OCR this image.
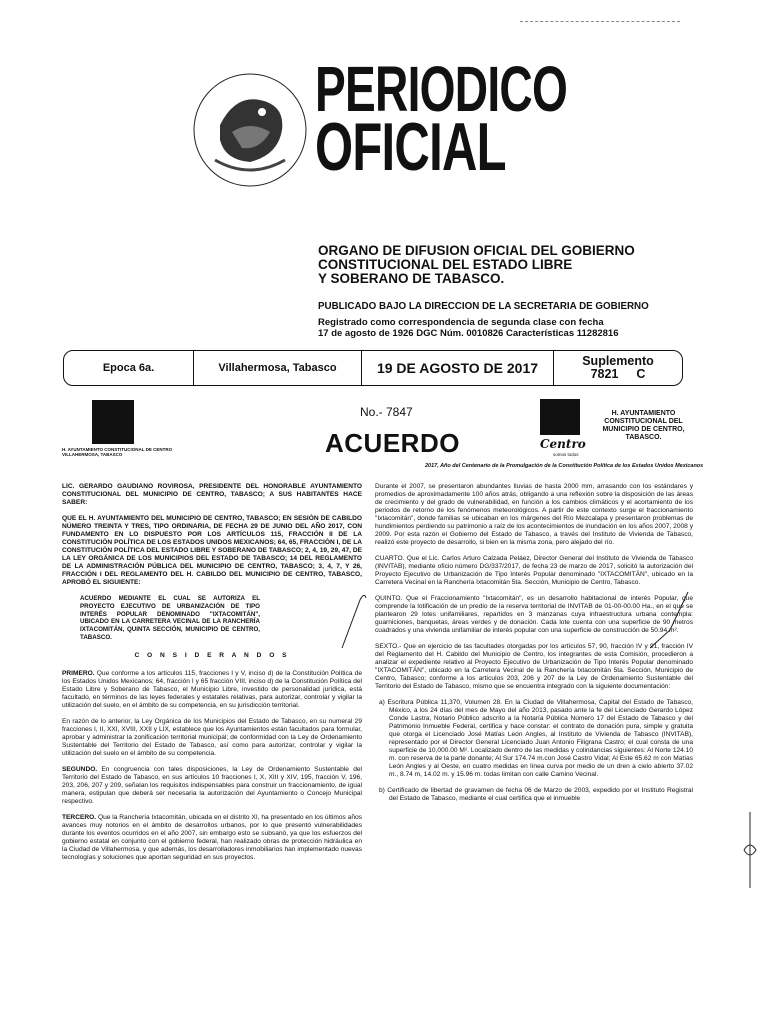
PERIODICO
OFICIAL
ORGANO DE DIFUSION OFICIAL DEL GOBIERNO
CONSTITUCIONAL DEL ESTADO LIBRE
Y SOBERANO DE TABASCO.
PUBLICADO BAJO LA DIRECCION DE LA SECRETARIA DE GOBIERNO
Registrado como correspondencia de segunda clase con fecha
17 de agosto de 1926 DGC Núm. 0010826 Características 11282816
Epoca 6a.	Villahermosa, Tabasco	19 DE AGOSTO DE 2017	Suplemento
7821 C
H. AYUNTAMIENTO CONSTITUCIONAL DE CENTRO VILLAHERMOSA, TABASCO
No.- 7847
ACUERDO	Centro
somos todos
H. AYUNTAMIENTO CONSTITUCIONAL DEL MUNICIPIO DE CENTRO, TABASCO.
2017, Año del Centenario de la Promulgación de la Constitución Política de los Estados Unidos Mexicanos

LIC. GERARDO GAUDIANO ROVIROSA, PRESIDENTE DEL HONORABLE AYUNTAMIENTO CONSTITUCIONAL DEL MUNICIPIO DE CENTRO, TABASCO; A SUS HABITANTES HACE SABER:

QUE EL H. AYUNTAMIENTO DEL MUNICIPIO DE CENTRO, TABASCO; EN SESIÓN DE CABILDO NÚMERO TREINTA Y TRES, TIPO ORDINARIA, DE FECHA 29 DE JUNIO DEL AÑO 2017, CON FUNDAMENTO EN LO DISPUESTO POR LOS ARTÍCULOS 115, FRACCIÓN II DE LA CONSTITUCIÓN POLÍTICA DE LOS ESTADOS UNIDOS MEXICANOS; 64, 65, FRACCIÓN I, DE LA CONSTITUCIÓN POLÍTICA DEL ESTADO LIBRE Y SOBERANO DE TABASCO; 2, 4, 19, 29, 47, DE LA LEY ORGÁNICA DE LOS MUNICIPIOS DEL ESTADO DE TABASCO; 14 DEL REGLAMENTO DE LA ADMINISTRACIÓN PÚBLICA DEL MUNICIPIO DE CENTRO, TABASCO; 3, 4, 7, Y 26, FRACCIÓN I DEL REGLAMENTO DEL H. CABILDO DEL MUNICIPIO DE CENTRO, TABASCO, APROBÓ EL SIGUIENTE:

ACUERDO MEDIANTE EL CUAL SE AUTORIZA EL PROYECTO EJECUTIVO DE URBANIZACIÓN DE TIPO INTERÉS POPULAR DENOMINADO "IXTACOMITÁN", UBICADO EN LA CARRETERA VECINAL DE LA RANCHERÍA IXTACOMITÁN, QUINTA SECCIÓN, MUNICIPIO DE CENTRO, TABASCO.
C O N S I D E R A N D O S

PRIMERO. Que conforme a los artículos 115, fracciones I y V, inciso d) de la Constitución Política de los Estados Unidos Mexicanos; 64, fracción I y 65 fracción VIII, inciso d) de la Constitución Política del Estado Libre y Soberano de Tabasco, el Municipio Libre, investido de personalidad jurídica, está facultado, en términos de las leyes federales y estatales relativas, para autorizar, controlar y vigilar la utilización del suelo, en el ámbito de su competencia, en su jurisdicción territorial.

En razón de lo anterior, la Ley Orgánica de los Municipios del Estado de Tabasco, en su numeral 29 fracciones I, II, XXI, XVIII, XXII y LIX, establece que los Ayuntamientos están facultados para formular, aprobar y administrar la zonificación territorial municipal; de conformidad con la Ley de Ordenamiento Sustentable del Territorio del Estado de Tabasco, así como para autorizar, controlar y vigilar la utilización del suelo en el ámbito de su competencia.

SEGUNDO. En congruencia con tales disposiciones, la Ley de Ordenamiento Sustentable del Territorio del Estado de Tabasco, en sus artículos 10 fracciones I, X, XIII y XIV, 195, fracción V, 196, 203, 206, 207 y 209, señalan los requisitos indispensables para construir un fraccionamiento, de igual manera, estipulan que deberá ser necesaria la autorización del Ayuntamiento o Concejo Municipal respectivo.

TERCERO. Que la Ranchería Ixtacomitán, ubicada en el distrito XI, ha presentado en los últimos años avances muy notorios en el ámbito de desarrollos urbanos, por lo que presentó vulnerabilidades durante los eventos ocurridos en el año 2007, sin embargo esto se subsanó, ya que los esfuerzos del gobierno estatal en conjunto con el gobierno federal, han realizado obras de protección hidráulica en la Ciudad de Villahermosa, y que además, los desarrolladores inmobiliarios han implementado nuevas tecnologías y soluciones que aportan seguridad en sus proyectos.

Durante el 2007, se presentaron abundantes lluvias de hasta 2000 mm, arrasando con los estándares y promedios de aproximadamente 100 años atrás, obligando a una reflexión sobre la disposición de las áreas de crecimiento y del grado de vulnerabilidad, en función a los cambios climáticos y el acortamiento de los periodos de retorno de los fenómenos meteorológicos. A partir de este contexto surge el fraccionamiento "Ixtacomitán", donde familias se ubicaban en los márgenes del Río Mezcalapa y presentaron problemas de hundimientos perdiendo su patrimonio a raíz de los acontecimientos de inundación en los años 2007, 2008 y 2009. Por esta razón el Gobierno del Estado de Tabasco, a través del Instituto de Vivienda de Tabasco, realizó este proyecto de desarrollo, si bien en la misma zona, pero alejado del río.

CUARTO. Que el Lic. Carlos Arturo Calzada Peláez, Director General del Instituto de Vivienda de Tabasco (INVITAB), mediante oficio número DG/337/2017, de fecha 23 de marzo de 2017, solicitó la autorización del Proyecto Ejecutivo de Urbanización de Tipo Interés Popular denominado "IXTACOMITÁN", ubicado en la Carretera Vecinal en la Ranchería Ixtacomitán 5ta. Sección, Municipio de Centro, Tabasco.

QUINTO. Que el Fraccionamiento "Ixtacomitán", es un desarrollo habitacional de interés Popular, que comprende la lotificación de un predio de la reserva territorial de INVITAB de 01-00-00.00 Ha., en el que se plantearon 29 lotes unifamiliares, repartidos en 3 manzanas cuya infraestructura urbana contempla: guarniciones, banquetas, áreas verdes y de donación. Cada lote cuenta con una superficie de 90 metros cuadrados y una vivienda unifamiliar de interés popular con una superficie de construcción de 50.94 m².

SEXTO.- Que en ejercicio de las facultades otorgadas por los artículos 57, 90, fracción IV y 91, fracción IV del Reglamento del H. Cabildo del Municipio de Centro, los integrantes de esta Comisión, procedieron a analizar el expediente relativo al Proyecto Ejecutivo de Urbanización de Tipo Interés Popular denominado "IXTACOMITÁN", ubicado en la Carretera Vecinal de la Ranchería Ixtacomitán 5ta. Sección, Municipio de Centro, Tabasco; conforme a los artículos 203, 206 y 207 de la Ley de Ordenamiento Sustentable del Territorio del Estado de Tabasco, mismo que se encuentra integrado con la siguiente documentación:

a) Escritura Pública 11,370, Volumen 28. En la Ciudad de Villahermosa, Capital del Estado de Tabasco, México, a los 24 días del mes de Mayo del año 2013, pasado ante la fe del Licenciado Gerardo López Conde Lastra, Notario Público adscrito a la Notaría Pública Número 17 del Estado de Tabasco y del Patrimonio Inmueble Federal, certifica y hace constar: el contrato de donación pura, simple y gratuita que otorga el Licenciado José Matías León Angles, al Instituto de Vivienda de Tabasco (INVITAB), representado por el Director General Licenciado Juan Antonio Filigrana Castro; el cual consta de una superficie de 10,000.00 M². Localizado dentro de las medidas y colindancias siguientes: Al Norte 124.10 m. con reserva de la parte donante; Al Sur 174.74 m.con José Castro Vidal; Al Este 65.62 m con Matías León Angles y al Oeste, en cuatro medidas en línea curva por medio de un dren a cielo abierto 37.02 m., 8.74 m, 14.02 m. y 15.96 m. todas limitan con calle Camino Vecinal.

b) Certificado de libertad de gravamen de fecha 06 de Marzo de 2003, expedido por el Instituto Registral del Estado de Tabasco, mediante el cual certifica que el inmueble
